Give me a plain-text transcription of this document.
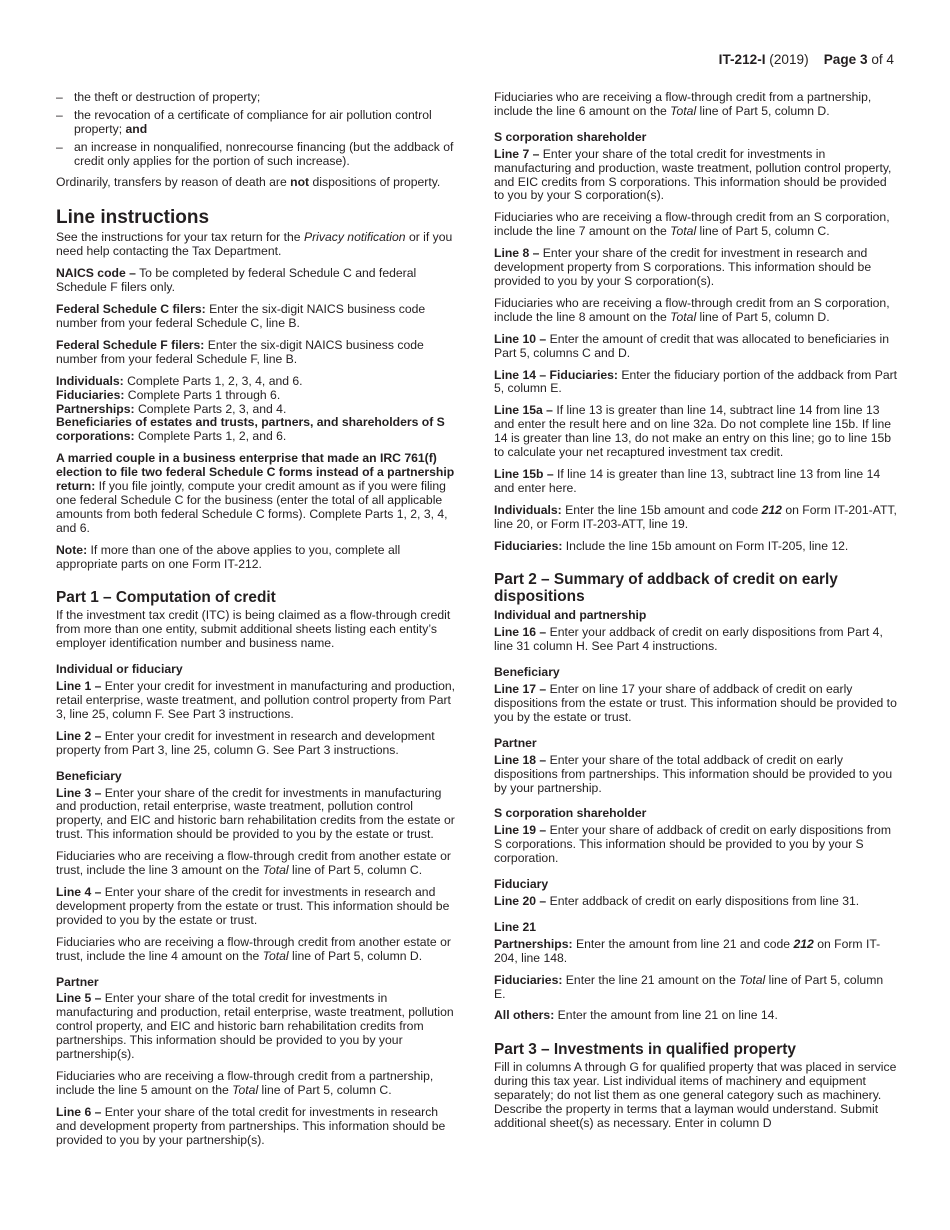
IT-212-I (2019) Page 3 of 4
– the theft or destruction of property;
– the revocation of a certificate of compliance for air pollution control property; and
– an increase in nonqualified, nonrecourse financing (but the addback of credit only applies for the portion of such increase).

Ordinarily, transfers by reason of death are not dispositions of property.

Line instructions

See the instructions for your tax return for the Privacy notification or if you need help contacting the Tax Department.

NAICS code – To be completed by federal Schedule C and federal Schedule F filers only.

Federal Schedule C filers: Enter the six-digit NAICS business code number from your federal Schedule C, line B.

Federal Schedule F filers: Enter the six-digit NAICS business code number from your federal Schedule F, line B.

Individuals: Complete Parts 1, 2, 3, 4, and 6.
Fiduciaries: Complete Parts 1 through 6.
Partnerships: Complete Parts 2, 3, and 4.
Beneficiaries of estates and trusts, partners, and shareholders of S corporations: Complete Parts 1, 2, and 6.

A married couple in a business enterprise that made an IRC 761(f) election to file two federal Schedule C forms instead of a partnership return: If you file jointly, compute your credit amount as if you were filing one federal Schedule C for the business (enter the total of all applicable amounts from both federal Schedule C forms). Complete Parts 1, 2, 3, 4, and 6.

Note: If more than one of the above applies to you, complete all appropriate parts on one Form IT-212.

Part 1 – Computation of credit

If the investment tax credit (ITC) is being claimed as a flow-through credit from more than one entity, submit additional sheets listing each entity’s employer identification number and business name.

Individual or fiduciary

Line 1 – Enter your credit for investment in manufacturing and production, retail enterprise, waste treatment, and pollution control property from Part 3, line 25, column F. See Part 3 instructions.

Line 2 – Enter your credit for investment in research and development property from Part 3, line 25, column G. See Part 3 instructions.

Beneficiary

Line 3 – Enter your share of the credit for investments in manufacturing and production, retail enterprise, waste treatment, pollution control property, and EIC and historic barn rehabilitation credits from the estate or trust. This information should be provided to you by the estate or trust.

Fiduciaries who are receiving a flow-through credit from another estate or trust, include the line 3 amount on the Total line of Part 5, column C.

Line 4 – Enter your share of the credit for investments in research and development property from the estate or trust. This information should be provided to you by the estate or trust.

Fiduciaries who are receiving a flow-through credit from another estate or trust, include the line 4 amount on the Total line of Part 5, column D.

Partner

Line 5 – Enter your share of the total credit for investments in manufacturing and production, retail enterprise, waste treatment, pollution control property, and EIC and historic barn rehabilitation credits from partnerships. This information should be provided to you by your partnership(s).

Fiduciaries who are receiving a flow-through credit from a partnership, include the line 5 amount on the Total line of Part 5, column C.

Line 6 – Enter your share of the total credit for investments in research and development property from partnerships. This information should be provided to you by your partnership(s).

Fiduciaries who are receiving a flow-through credit from a partnership, include the line 6 amount on the Total line of Part 5, column D.

S corporation shareholder

Line 7 – Enter your share of the total credit for investments in manufacturing and production, waste treatment, pollution control property, and EIC credits from S corporations. This information should be provided to you by your S corporation(s).

Fiduciaries who are receiving a flow-through credit from an S corporation, include the line 7 amount on the Total line of Part 5, column C.

Line 8 – Enter your share of the credit for investment in research and development property from S corporations. This information should be provided to you by your S corporation(s).

Fiduciaries who are receiving a flow-through credit from an S corporation, include the line 8 amount on the Total line of Part 5, column D.

Line 10 – Enter the amount of credit that was allocated to beneficiaries in Part 5, columns C and D.

Line 14 – Fiduciaries: Enter the fiduciary portion of the addback from Part 5, column E.

Line 15a – If line 13 is greater than line 14, subtract line 14 from line 13 and enter the result here and on line 32a. Do not complete line 15b. If line 14 is greater than line 13, do not make an entry on this line; go to line 15b to calculate your net recaptured investment tax credit.

Line 15b – If line 14 is greater than line 13, subtract line 13 from line 14 and enter here.

Individuals: Enter the line 15b amount and code 212 on Form IT-201-ATT, line 20, or Form IT-203-ATT, line 19.

Fiduciaries: Include the line 15b amount on Form IT-205, line 12.

Part 2 – Summary of addback of credit on early dispositions
Individual and partnership

Line 16 – Enter your addback of credit on early dispositions from Part 4, line 31 column H. See Part 4 instructions.

Beneficiary

Line 17 – Enter on line 17 your share of addback of credit on early dispositions from the estate or trust. This information should be provided to you by the estate or trust.

Partner

Line 18 – Enter your share of the total addback of credit on early dispositions from partnerships. This information should be provided to you by your partnership.

S corporation shareholder

Line 19 – Enter your share of addback of credit on early dispositions from S corporations. This information should be provided to you by your S corporation.

Fiduciary

Line 20 – Enter addback of credit on early dispositions from line 31.

Line 21

Partnerships: Enter the amount from line 21 and code 212 on Form IT-204, line 148.

Fiduciaries: Enter the line 21 amount on the Total line of Part 5, column E.

All others: Enter the amount from line 21 on line 14.

Part 3 – Investments in qualified property

Fill in columns A through G for qualified property that was placed in service during this tax year. List individual items of machinery and equipment separately; do not list them as one general category such as machinery. Describe the property in terms that a layman would understand. Submit additional sheet(s) as necessary. Enter in column D
